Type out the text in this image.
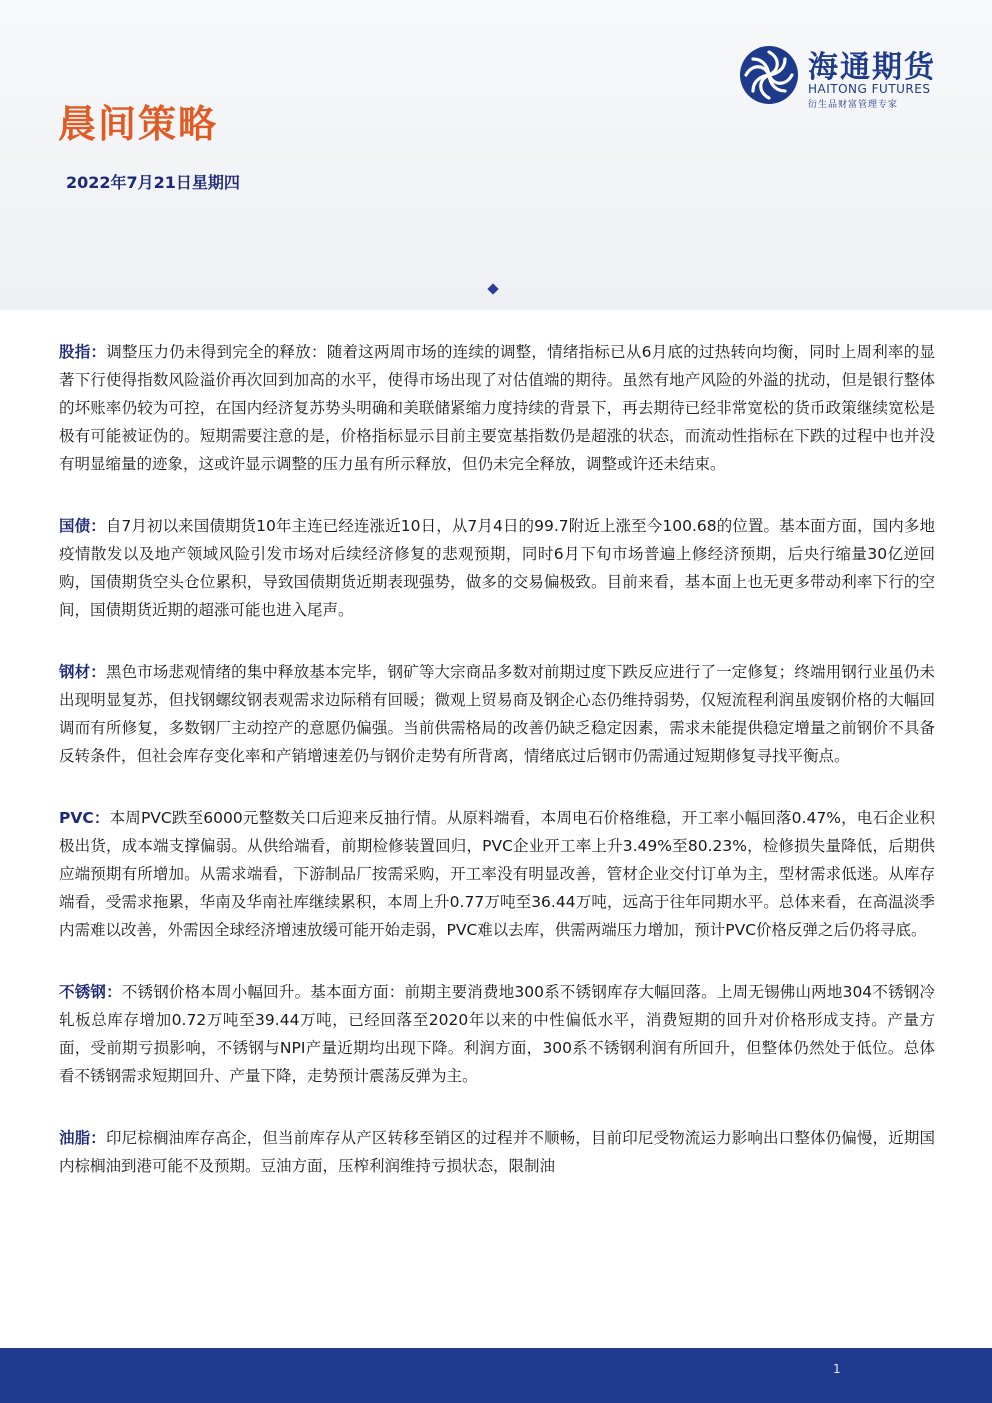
晨间策略
2022年7月21日星期四
海通期货
HAITONG FUTURES
衍生品财富管理专家

股指：调整压力仍未得到完全的释放：随着这两周市场的连续的调整，情绪指标已从6月底的过热转向均衡，同时上周利率的显著下行使得指数风险溢价再次回到加高的水平，使得市场出现了对估值端的期待。虽然有地产风险的外溢的扰动，但是银行整体的坏账率仍较为可控，在国内经济复苏势头明确和美联储紧缩力度持续的背景下，再去期待已经非常宽松的货币政策继续宽松是极有可能被证伪的。短期需要注意的是，价格指标显示目前主要宽基指数仍是超涨的状态，而流动性指标在下跌的过程中也并没有明显缩量的迹象，这或许显示调整的压力虽有所示释放，但仍未完全释放，调整或许还未结束。

国债：自7月初以来国债期货10年主连已经连涨近10日，从7月4日的99.7附近上涨至今100.68的位置。基本面方面，国内多地疫情散发以及地产领域风险引发市场对后续经济修复的悲观预期，同时6月下旬市场普遍上修经济预期，后央行缩量30亿逆回购，国债期货空头仓位累积，导致国债期货近期表现强势，做多的交易偏极致。目前来看，基本面上也无更多带动利率下行的空间，国债期货近期的超涨可能也进入尾声。

钢材：黑色市场悲观情绪的集中释放基本完毕，钢矿等大宗商品多数对前期过度下跌反应进行了一定修复；终端用钢行业虽仍未出现明显复苏，但找钢螺纹钢表观需求边际稍有回暖；微观上贸易商及钢企心态仍维持弱势，仅短流程利润虽废钢价格的大幅回调而有所修复，多数钢厂主动控产的意愿仍偏强。当前供需格局的改善仍缺乏稳定因素，需求未能提供稳定增量之前钢价不具备反转条件，但社会库存变化率和产销增速差仍与钢价走势有所背离，情绪底过后钢市仍需通过短期修复寻找平衡点。

PVC：本周PVC跌至6000元整数关口后迎来反抽行情。从原料端看，本周电石价格维稳，开工率小幅回落0.47%，电石企业积极出货，成本端支撑偏弱。从供给端看，前期检修装置回归，PVC企业开工率上升3.49%至80.23%，检修损失量降低，后期供应端预期有所增加。从需求端看，下游制品厂按需采购，开工率没有明显改善，管材企业交付订单为主，型材需求低迷。从库存端看，受需求拖累，华南及华南社库继续累积，本周上升0.77万吨至36.44万吨，远高于往年同期水平。总体来看，在高温淡季内需难以改善，外需因全球经济增速放缓可能开始走弱，PVC难以去库，供需两端压力增加，预计PVC价格反弹之后仍将寻底。

不锈钢：不锈钢价格本周小幅回升。基本面方面：前期主要消费地300系不锈钢库存大幅回落。上周无锡佛山两地304不锈钢冷轧板总库存增加0.72万吨至39.44万吨，已经回落至2020年以来的中性偏低水平，消费短期的回升对价格形成支持。产量方面，受前期亏损影响，不锈钢与NPI产量近期均出现下降。利润方面，300系不锈钢利润有所回升，但整体仍然处于低位。总体看不锈钢需求短期回升、产量下降，走势预计震荡反弹为主。

油脂：印尼棕榈油库存高企，但当前库存从产区转移至销区的过程并不顺畅，目前印尼受物流运力影响出口整体仍偏慢，近期国内棕榈油到港可能不及预期。豆油方面，压榨利润维持亏损状态，限制油

1
